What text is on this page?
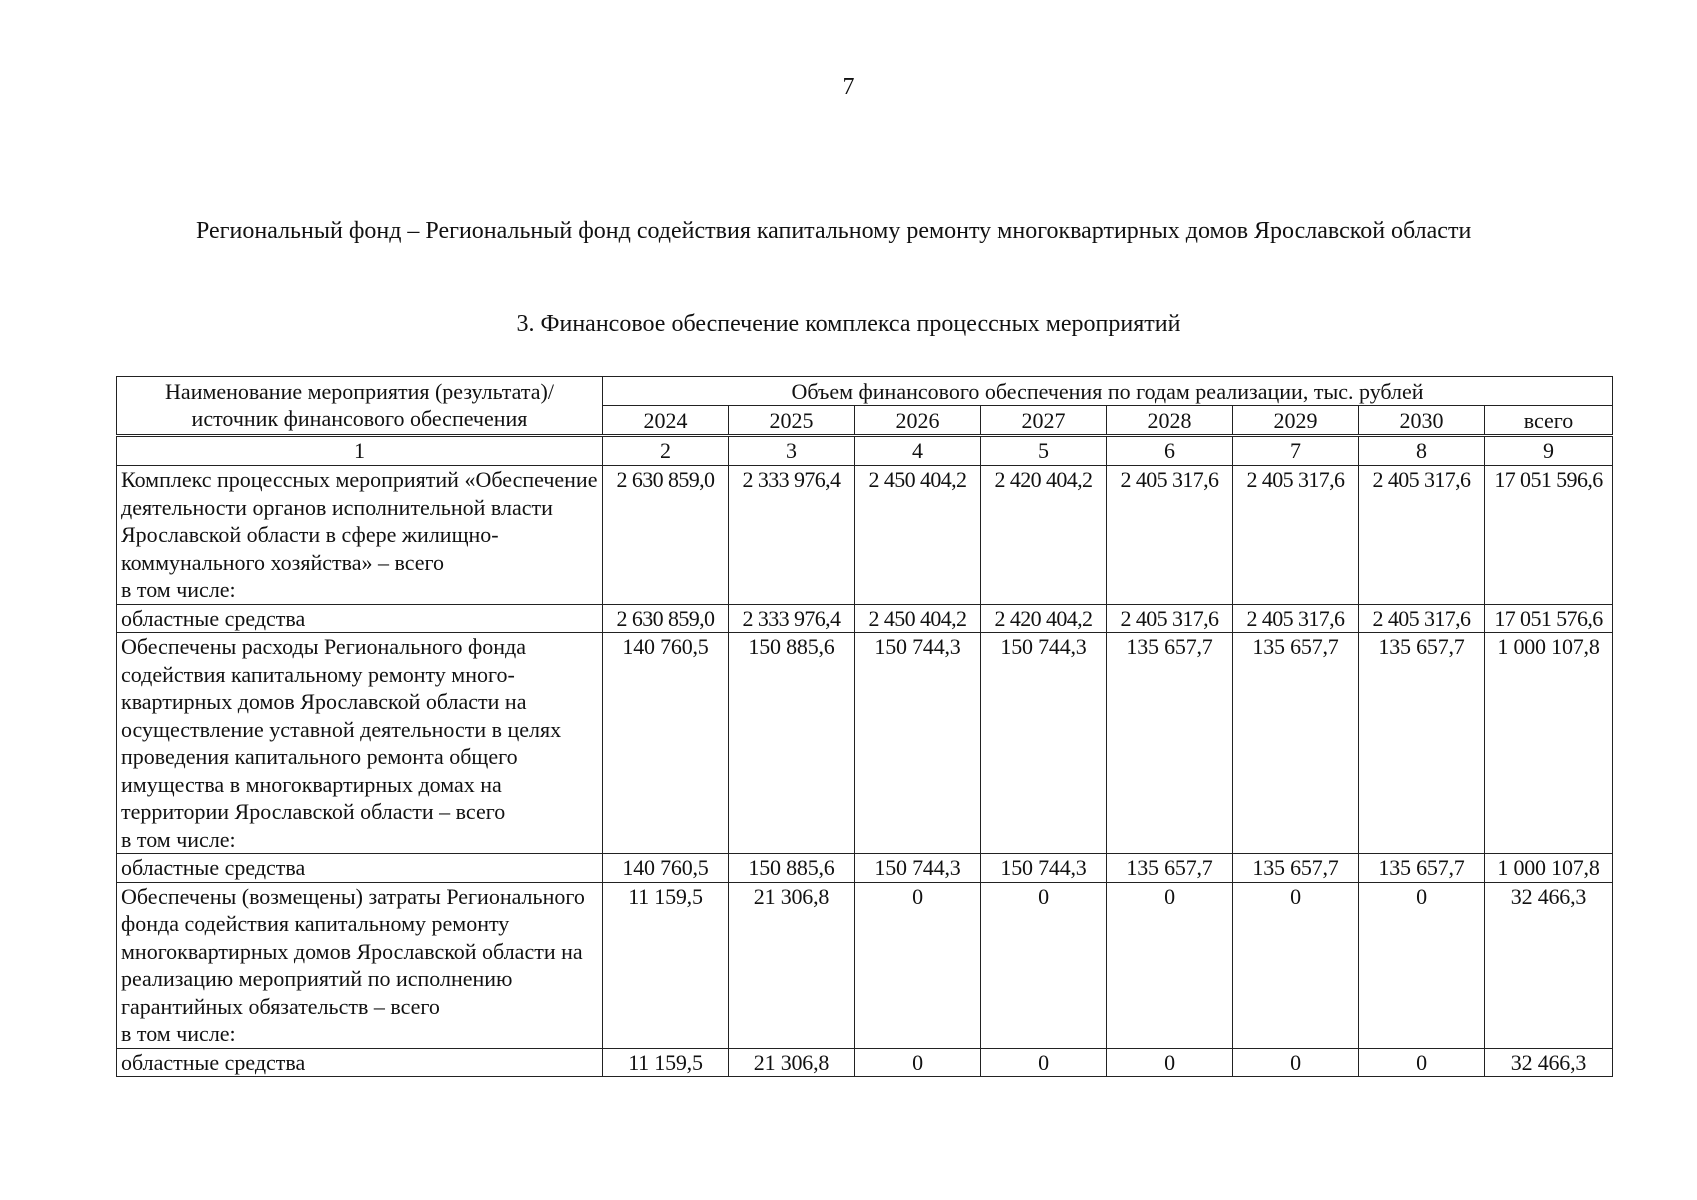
7
Региональный фонд – Региональный фонд содействия капитальному ремонту многоквартирных домов Ярославской области
3. Финансовое обеспечение комплекса процессных мероприятий
Наименование мероприятия (результата)/ источник финансового обеспечения	Объем финансового обеспечения по годам реализации, тыс. рублей							
	2024	2025	2026	2027	2028	2029	2030	всего
1	2	3	4	5	6	7	8	9
Комплекс процессных мероприятий «Обеспечение деятельности органов исполнительной власти Ярославской области в сфере жилищно-коммунального хозяйства» – всего
в том числе:	2 630 859,0	2 333 976,4	2 450 404,2	2 420 404,2	2 405 317,6	2 405 317,6	2 405 317,6	17 051 596,6
областные средства	2 630 859,0	2 333 976,4	2 450 404,2	2 420 404,2	2 405 317,6	2 405 317,6	2 405 317,6	17 051 576,6
Обеспечены расходы Регионального фонда содействия капитальному ремонту много-квартирных домов Ярославской области на осуществление уставной деятельности в целях проведения капитального ремонта общего имущества в многоквартирных домах на территории Ярославской области – всего
в том числе:	140 760,5	150 885,6	150 744,3	150 744,3	135 657,7	135 657,7	135 657,7	1 000 107,8
областные средства	140 760,5	150 885,6	150 744,3	150 744,3	135 657,7	135 657,7	135 657,7	1 000 107,8
Обеспечены (возмещены) затраты Регионального фонда содействия капитальному ремонту многоквартирных домов Ярославской области на реализацию мероприятий по исполнению гарантийных обязательств – всего
в том числе:	11 159,5	21 306,8	0	0	0	0	0	32 466,3
областные средства	11 159,5	21 306,8	0	0	0	0	0	32 466,3
